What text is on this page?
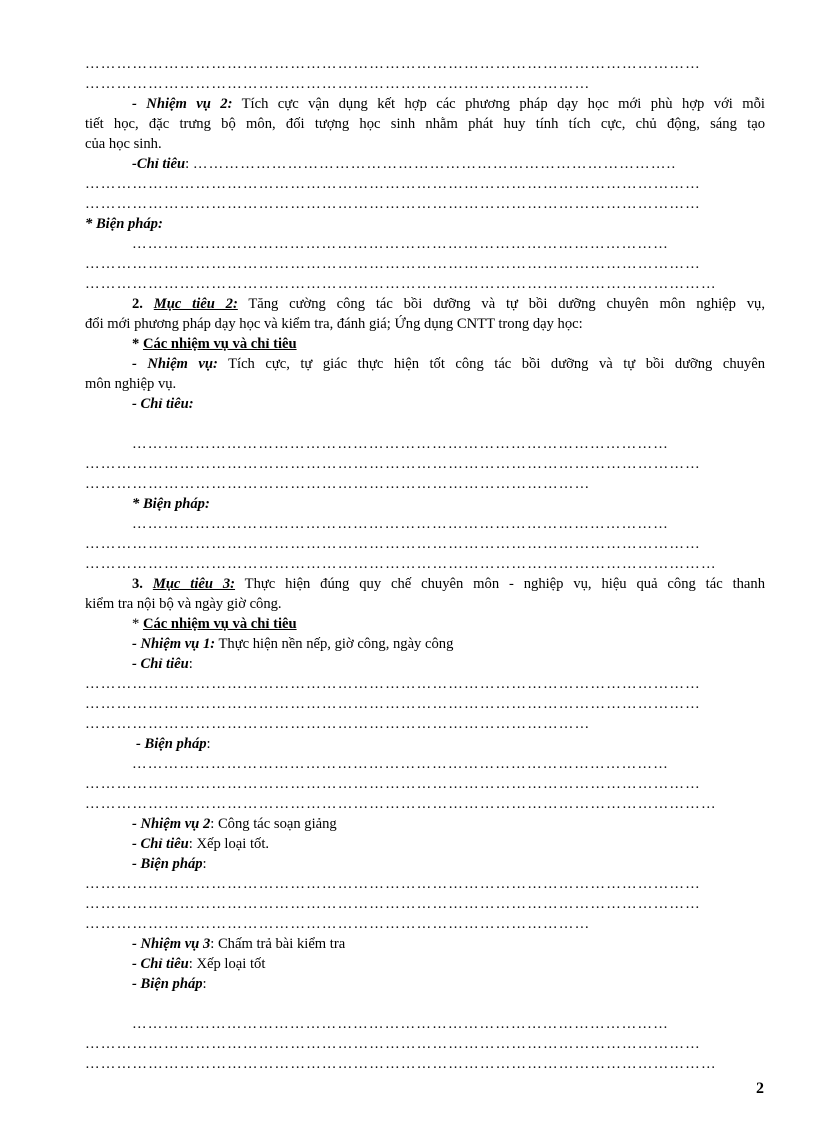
………………………………………………………………………………………………………
……………………………………………………………………………………
- Nhiệm vụ 2: Tích cực vận dụng kết hợp các phương pháp dạy học mới phù hợp với mỗi
tiết học, đặc trưng bộ môn, đối tượng học sinh nhằm phát huy tính tích cực, chủ động, sáng tạo
của học sinh.
-Chỉ tiêu: ………………………………………………………………………………..
………………………………………………………………………………………………………
………………………………………………………………………………………………………
* Biện pháp:
…………………………………………………………………………………………
………………………………………………………………………………………………………
…………………………………………………………………………………………………………
2. Mục tiêu 2: Tăng cường công tác bồi dưỡng và tự bồi dưỡng chuyên môn nghiệp vụ,
đổi mới phương pháp dạy học và kiểm tra, đánh giá; Ứng dụng CNTT trong dạy học:
* Các nhiệm vụ và chỉ tiêu
- Nhiệm vụ: Tích cực, tự giác thực hiện tốt công tác bồi dưỡng và tự bồi dưỡng chuyên
môn nghiệp vụ.
- Chỉ tiêu:
…………………………………………………………………………………………
………………………………………………………………………………………………………
……………………………………………………………………………………
* Biện pháp:
…………………………………………………………………………………………
………………………………………………………………………………………………………
…………………………………………………………………………………………………………
3. Mục tiêu 3: Thực hiện đúng quy chế chuyên môn - nghiệp vụ, hiệu quả công tác thanh
kiểm tra nội bộ và ngày giờ công.
* Các nhiệm vụ và chỉ tiêu
- Nhiệm vụ 1: Thực hiện nền nếp, giờ công, ngày công
- Chỉ tiêu:
………………………………………………………………………………………………………
………………………………………………………………………………………………………
……………………………………………………………………………………
- Biện pháp:
…………………………………………………………………………………………
………………………………………………………………………………………………………
…………………………………………………………………………………………………………
- Nhiệm vụ 2: Công tác soạn giảng
- Chỉ tiêu: Xếp loại tốt.
- Biện pháp:
………………………………………………………………………………………………………
………………………………………………………………………………………………………
……………………………………………………………………………………
- Nhiệm vụ 3: Chấm trả bài kiểm tra
- Chỉ tiêu: Xếp loại tốt
- Biện pháp:
…………………………………………………………………………………………
………………………………………………………………………………………………………
…………………………………………………………………………………………………………
2
